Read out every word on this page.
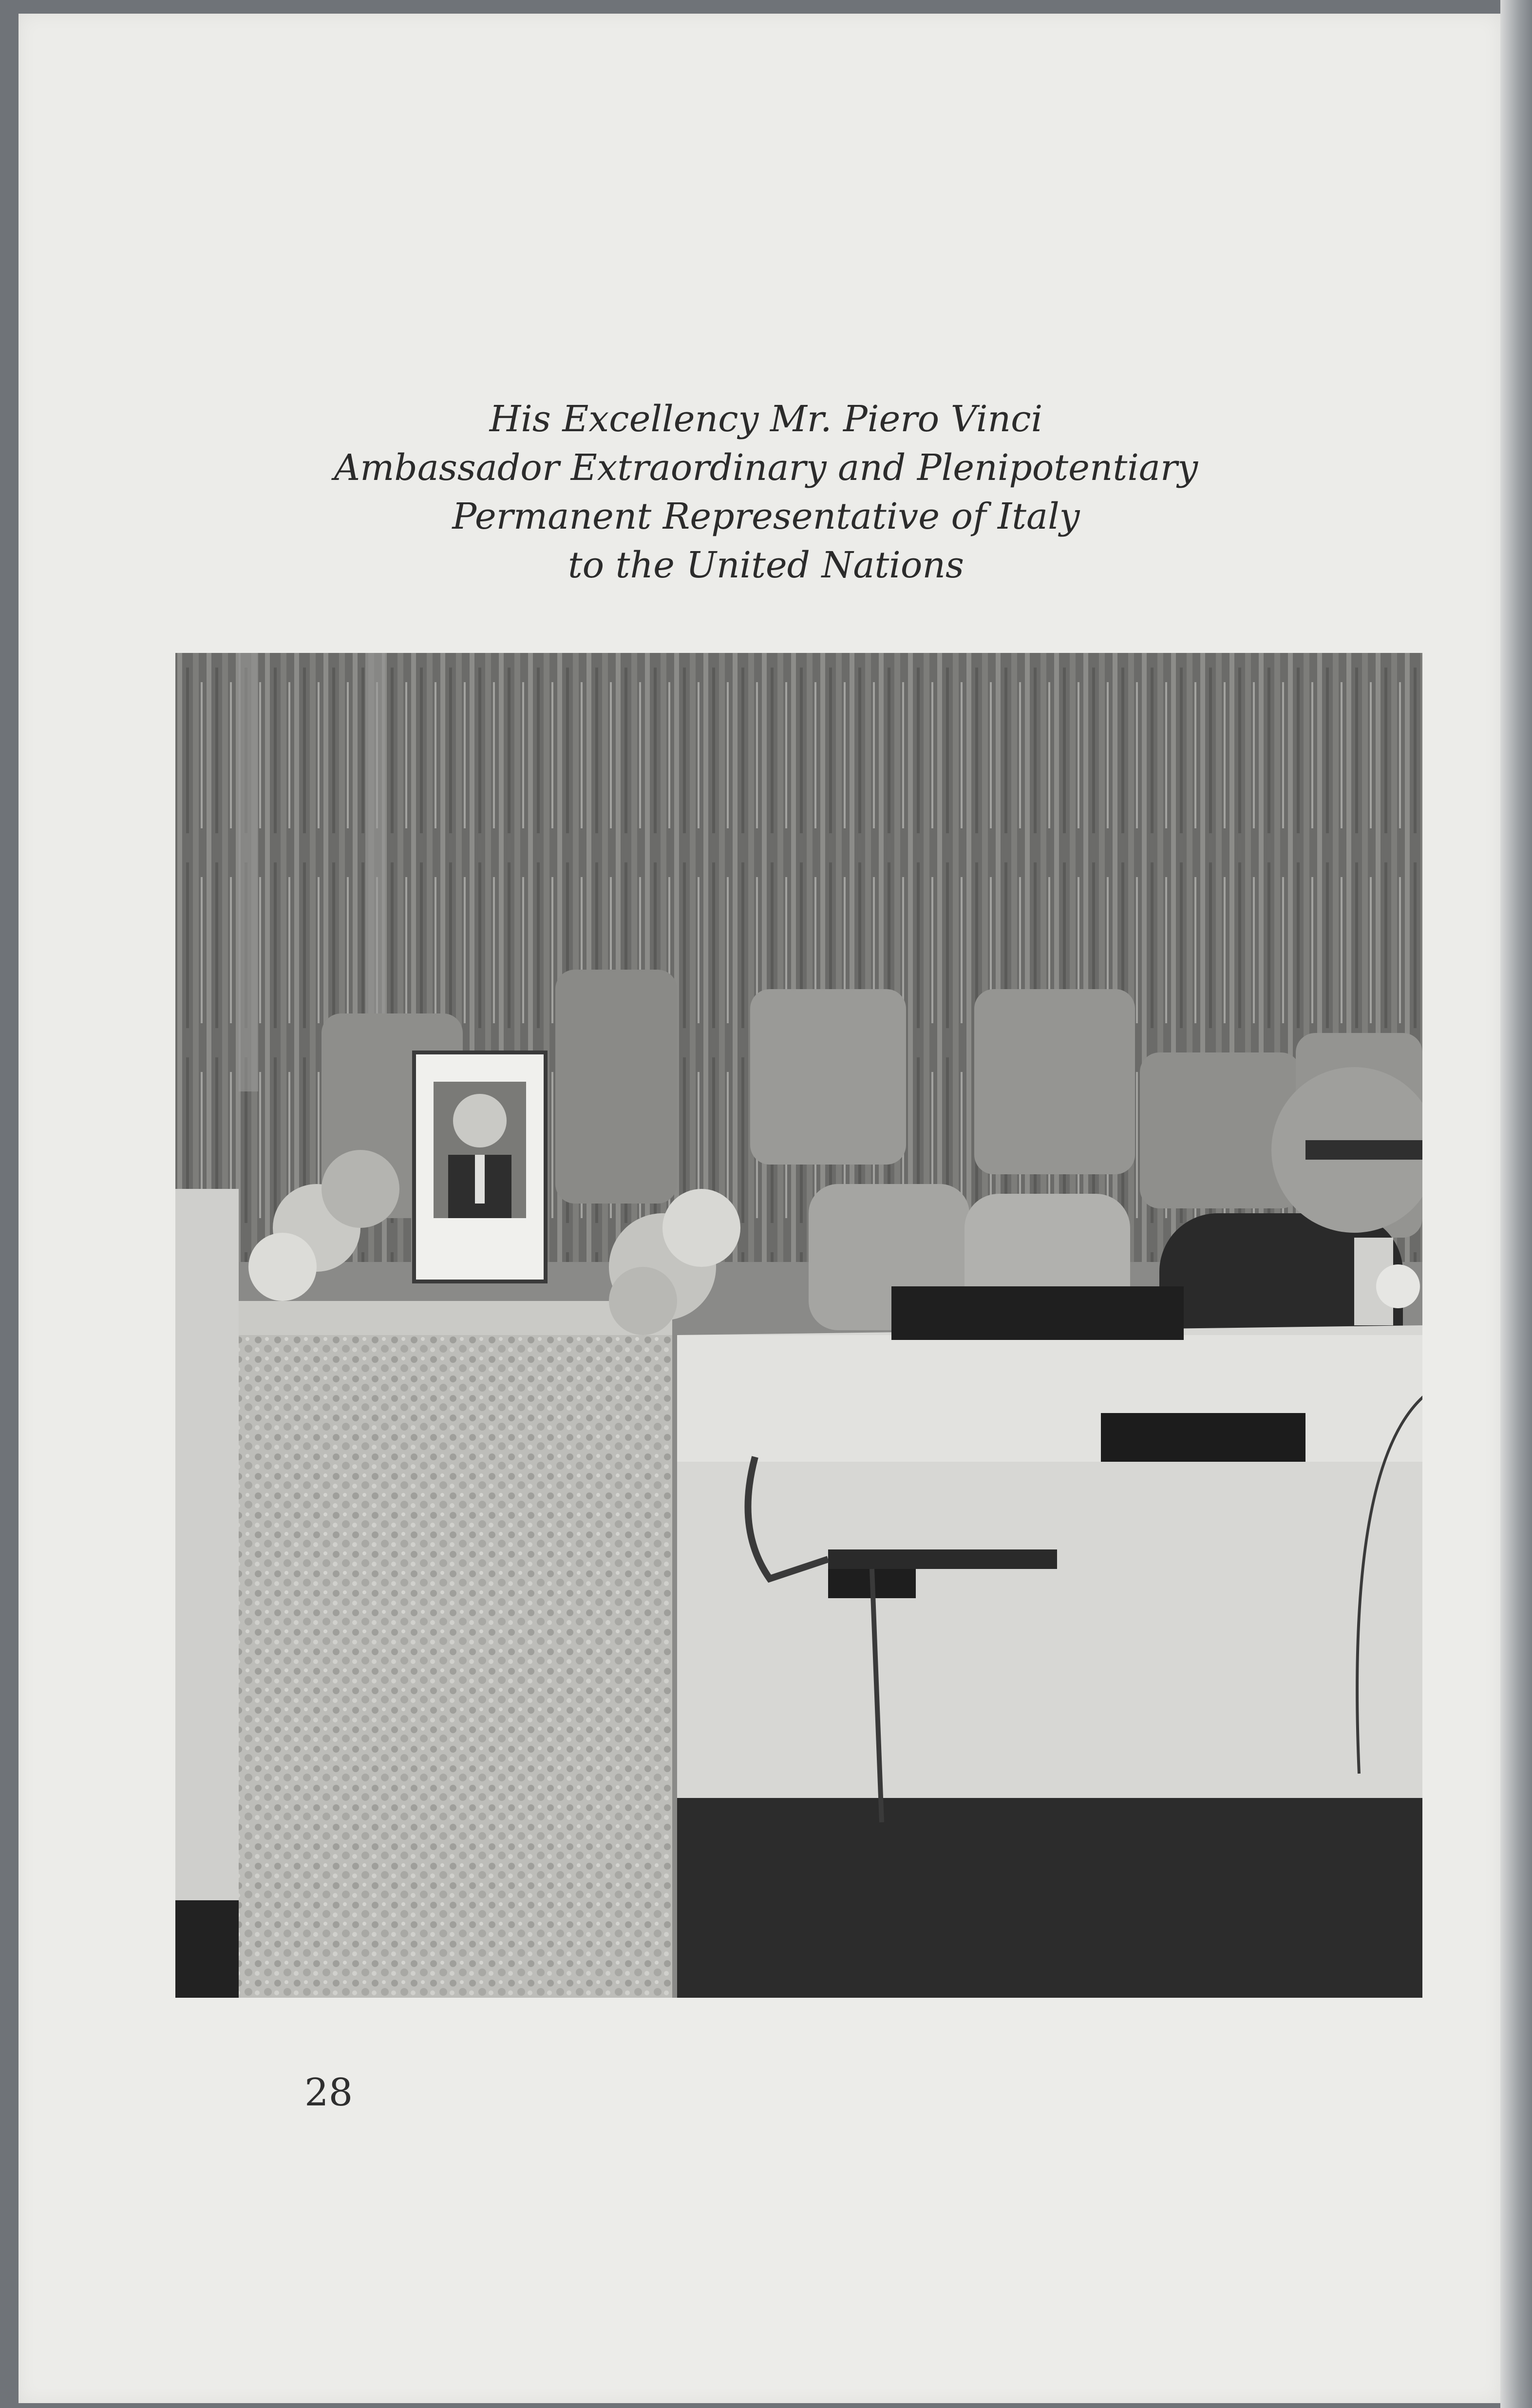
His Excellency Mr. Piero Vinci
Ambassador Extraordinary and Plenipotentiary
Permanent Representative of Italy
to the United Nations
28
